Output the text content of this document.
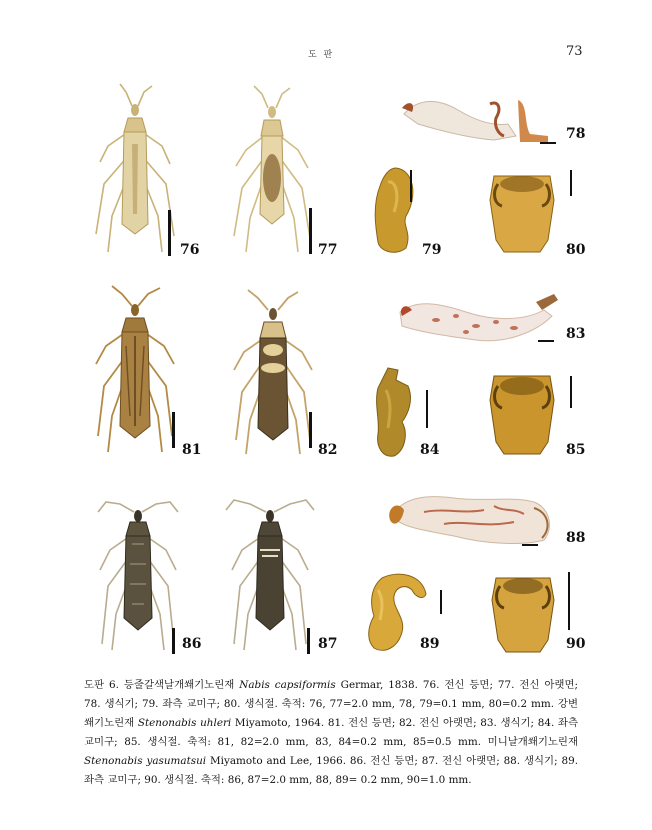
도 판	73
76	77
78
79	80
81	82
83
84	85
86	87
88
89	90
도판 6. 등줄갈색날개쐐기노린재 Nabis capsiformis Germar, 1838. 76. 전신 등면; 77. 전신 아랫면; 78. 생식기; 79. 좌측 교미구; 80. 생식절. 축적: 76, 77=2.0 mm, 78, 79=0.1 mm, 80=0.2 mm. 강변쐐기노린재 Stenonabis uhleri Miyamoto, 1964. 81. 전신 등면; 82. 전신 아랫면; 83. 생식기; 84. 좌측 교미구; 85. 생식절. 축적: 81, 82=2.0 mm, 83, 84=0.2 mm, 85=0.5 mm. 미니날개쐐기노린재 Stenonabis yasumatsui Miyamoto and Lee, 1966. 86. 전신 등면; 87. 전신 아랫면; 88. 생식기; 89. 좌측 교미구; 90. 생식절. 축적: 86, 87=2.0 mm, 88, 89= 0.2 mm, 90=1.0 mm.
